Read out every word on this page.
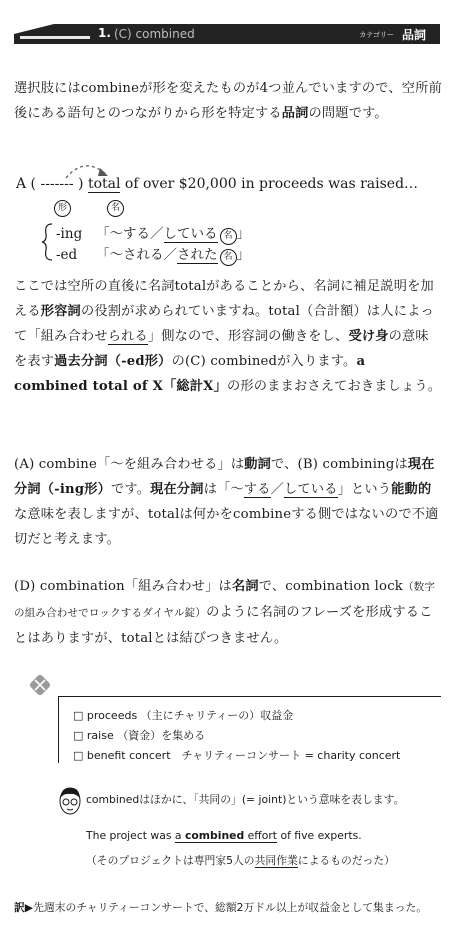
1. (C) combined	カテゴリー 品詞
選択肢にはcombineが形を変えたものが4つ並んでいますので、空所前後にある語句とのつながりから形を特定する品詞の問題です。
A ( ------- ) total of over $20,000 in proceeds was raised…
形	名
-ing 「～する／している 名 」
-ed 「～される／された 名 」
ここでは空所の直後に名詞totalがあることから、名詞に補足説明を加える形容詞の役割が求められていますね。total（合計額）は人によって「組み合わせられる」側なので、形容詞の働きをし、受け身の意味を表す過去分詞（-ed形）の(C) combinedが入ります。a combined total of X「総計X」の形のままおさえておきましょう。
(A) combine「～を組み合わせる」は動詞で、(B) combiningは現在分詞（-ing形）です。現在分詞は「～する／している」という能動的な意味を表しますが、totalは何かをcombineする側ではないので不適切だと考えます。
(D) combination「組み合わせ」は名詞で、combination lock（数字の組み合わせでロックするダイヤル錠）のように名詞のフレーズを形成することはありますが、totalとは結びつきません。
□ proceeds （主にチャリティーの）収益金
□ raise （資金）を集める
□ benefit concert　チャリティーコンサート = charity concert
combinedはほかに、「共同の」(= joint)という意味を表します。
The project was a combined effort of five experts.
（そのプロジェクトは専門家5人の共同作業によるものだった）
訳▶先週末のチャリティーコンサートで、総額2万ドル以上が収益金として集まった。
